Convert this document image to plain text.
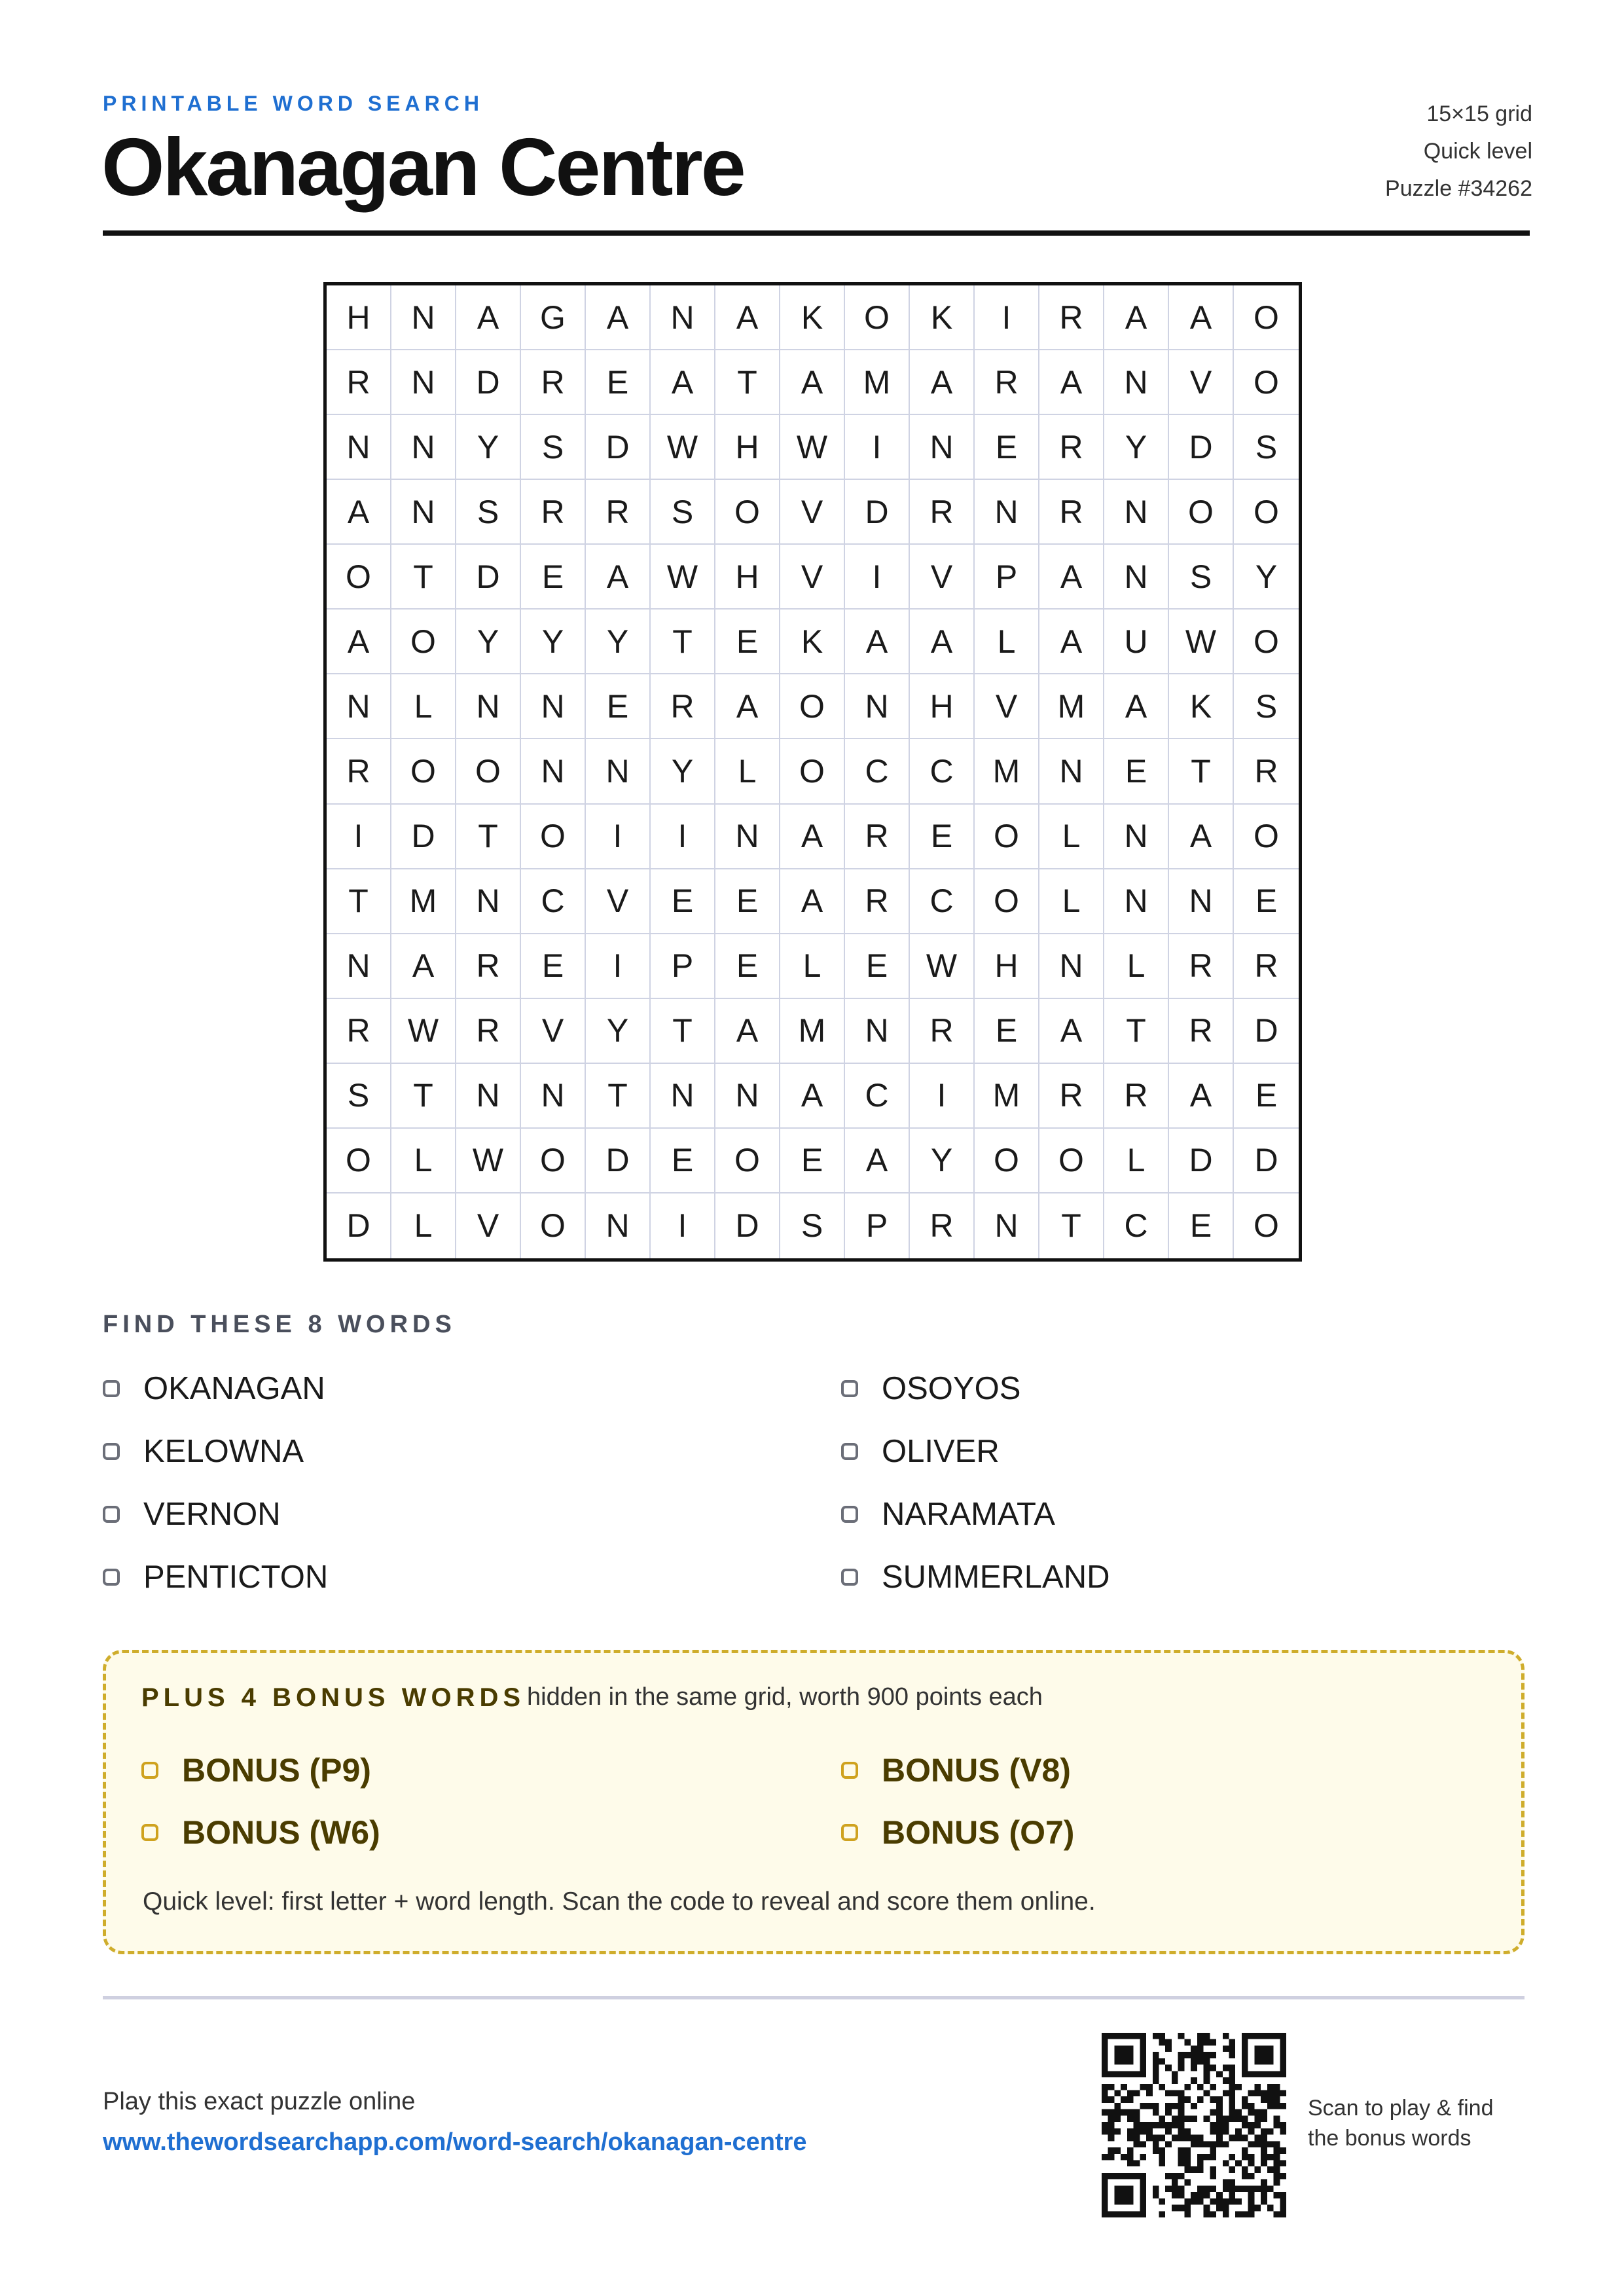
PRINTABLE WORD SEARCH
Okanagan Centre
15×15 grid
Quick level
Puzzle #34262
H	N	A	G	A	N	A	K	O	K	I	R	A	A	O
R	N	D	R	E	A	T	A	M	A	R	A	N	V	O
N	N	Y	S	D	W	H	W	I	N	E	R	Y	D	S
A	N	S	R	R	S	O	V	D	R	N	R	N	O	O
O	T	D	E	A	W	H	V	I	V	P	A	N	S	Y
A	O	Y	Y	Y	T	E	K	A	A	L	A	U	W	O
N	L	N	N	E	R	A	O	N	H	V	M	A	K	S
R	O	O	N	N	Y	L	O	C	C	M	N	E	T	R
I	D	T	O	I	I	N	A	R	E	O	L	N	A	O
T	M	N	C	V	E	E	A	R	C	O	L	N	N	E
N	A	R	E	I	P	E	L	E	W	H	N	L	R	R
R	W	R	V	Y	T	A	M	N	R	E	A	T	R	D
S	T	N	N	T	N	N	A	C	I	M	R	R	A	E
O	L	W	O	D	E	O	E	A	Y	O	O	L	D	D
D	L	V	O	N	I	D	S	P	R	N	T	C	E	O
FIND THESE 8 WORDS
OKANAGAN
KELOWNA
VERNON
PENTICTON
OSOYOS
OLIVER
NARAMATA
SUMMERLAND
PLUS 4 BONUS WORDS hidden in the same grid, worth 900 points each
BONUS (P9)
BONUS (W6)
BONUS (V8)
BONUS (O7)
Quick level: first letter + word length. Scan the code to reveal and score them online.
Play this exact puzzle online
www.thewordsearchapp.com/word-search/okanagan-centre
Scan to play & find
the bonus words
